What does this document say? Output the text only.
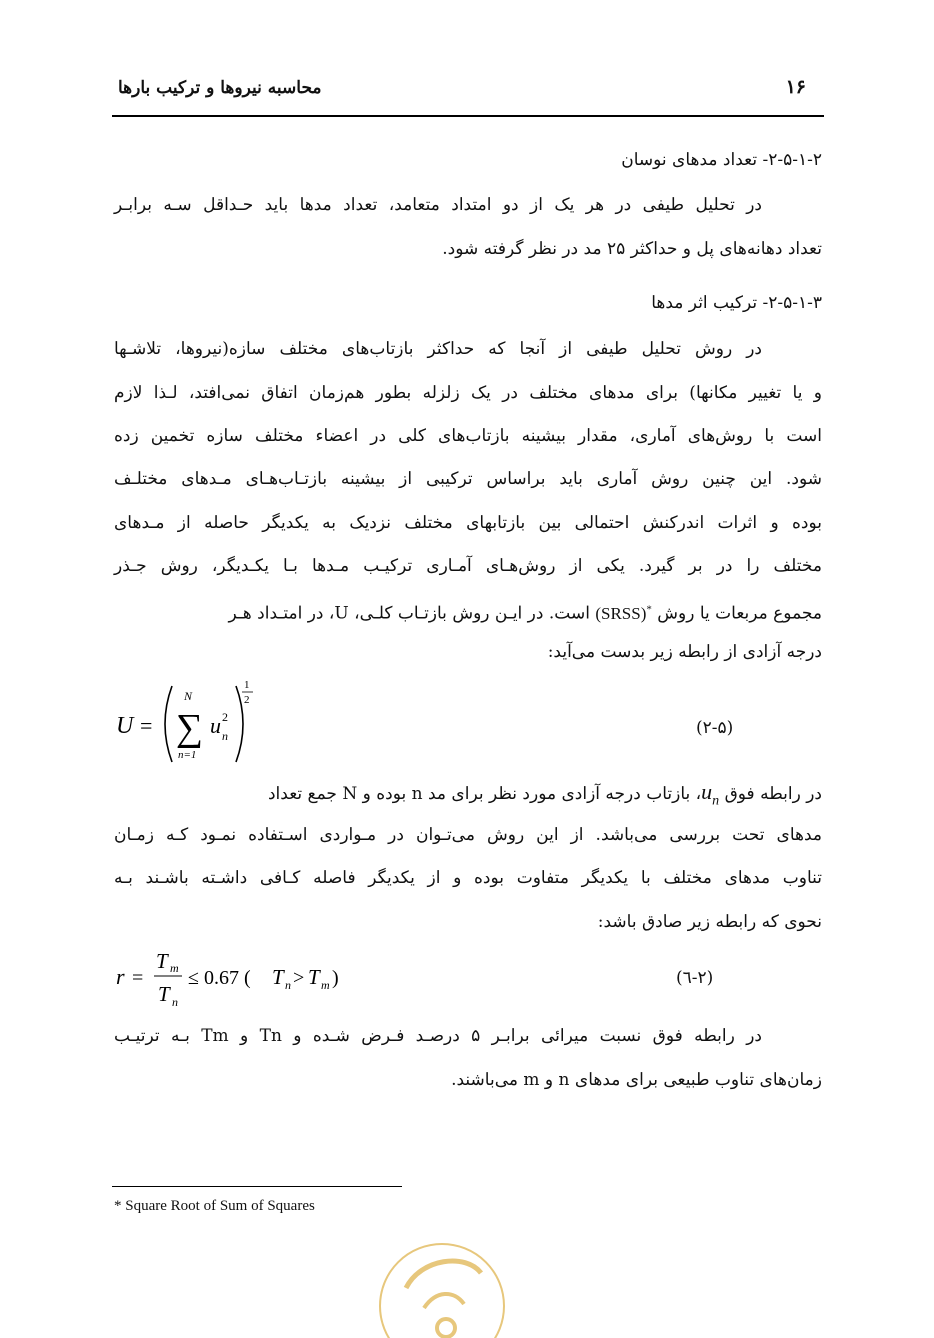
محاسبه نیروها و ترکیب بارها	۱۶
۲-۵-۱-۲- تعداد مدهای نوسان
در تحلیل طیفی در هر یک از دو امتداد متعامد، تعداد مدها باید حـداقل سـه برابـر
تعداد دهانه‌های پل و حداکثر ۲۵ مد در نظر گرفته شود.
۲-۵-۱-۳- ترکیب اثر مدها
در روش تحلیل طیفی از آنجا که حداکثر بازتاب‌های مختلف سازه(نیروها، تلاشـها
و یا تغییر مکانها) برای مدهای مختلف در یک زلزله بطور هم‌زمان اتفاق نمی‌افتد، لـذا لازم
است با روش‌های آماری، مقدار بیشینه بازتاب‌های کلی در اعضاء مختلف سازه تخمین زده
شود. این چنین روش آماری باید براساس ترکیبی از بیشینه بازتـاب‌هـای مـدهای مختلـف
بوده و اثرات اندرکنش احتمالی بین بازتابهای مختلف نزدیک به یکدیگر حاصله از مـدهای
مختلف را در بر گیرد. یکی از روش‌هـای آمـاری ترکیـب مـدها بـا یکـدیگر، روش جـذر
مجموع مربعات یا روش (SRSS)* است. در ایـن روش بازتـاب کلـی، U، در امتـداد هـر
درجه آزادی از رابطه زیر بدست می‌آید:
U =
N
∑
n=1
u 2
n
1
2
(۲-۵)
در رابطه فوق $u_n،$ بازتاب درجه آزادی مورد نظر برای مد n بوده و N جمع تعداد
مدهای تحت بررسی می‌باشد. از این روش می‌تـوان در مـواردی اسـتفاده نمـود کـه زمـان
تناوب مدهای مختلف با یکدیگر متفاوت بوده و از یکدیگر فاصله کـافی داشـته باشـند بـه
نحوی که رابطه زیر صادق باشد:
r =
T m
T n
≤ 0.67 ( T n > T m )	(۲-٦)
در رابطه فوق نسبت میرائی برابـر ۵ درصـد فـرض شـده و Tn و Tm بـه ترتیـب
زمان‌های تناوب طبیعی برای مدهای n و m می‌باشند.
* Square Root of Sum of Squares
